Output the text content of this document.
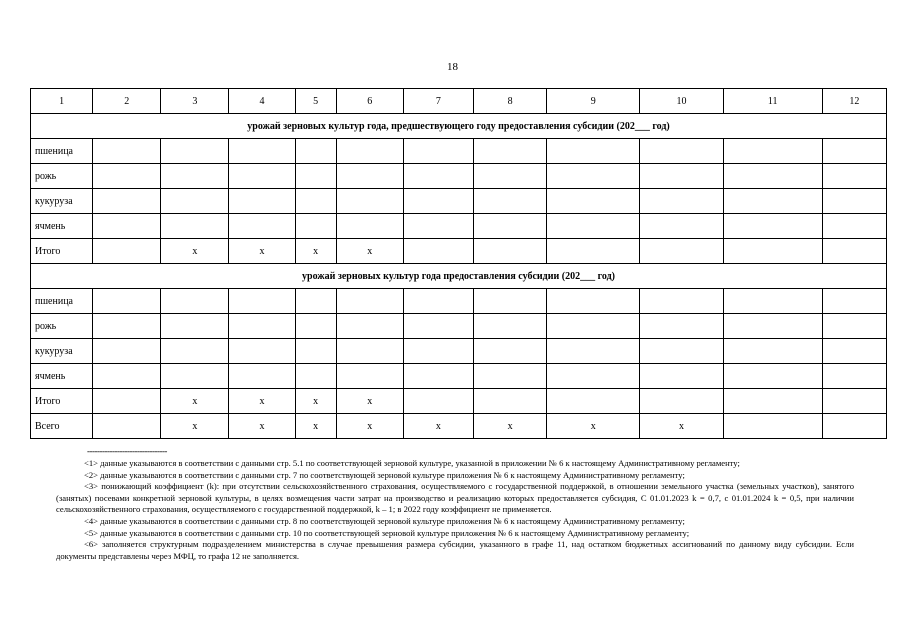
18
1	2	3	4	5	6	7	8	9	10	11	12
урожай зерновых культур года, предшествующего году предоставления субсидии (202___ год)											
пшеница											
рожь											
кукуруза											
ячмень											
Итого		х	х	х	х						
урожай зерновых культур года предоставления субсидии (202___ год)											
пшеница											
рожь											
кукуруза											
ячмень											
Итого		х	х	х	х						
Всего		х	х	х	х	х	х	х	х		
--------------------------------

<1> данные указываются в соответствии с данными стр. 5.1 по соответствующей зерновой культуре, указанной в приложении № 6 к настоящему Административному регламенту;

<2> данные указываются в соответствии с данными стр. 7 по соответствующей зерновой культуре приложения № 6 к настоящему Административному регламенту;

<3> понижающий коэффициент (k): при отсутствии сельскохозяйственного страхования, осуществляемого с государственной поддержкой, в отношении земельного участка (земельных участков), занятого (занятых) посевами конкретной зерновой культуры, в целях возмещения части затрат на производство и реализацию которых предоставляется субсидия, С 01.01.2023 k = 0,7, с 01.01.2024 k = 0,5, при наличии сельскохозяйственного страхования, осуществляемого с государственной поддержкой, k – 1; в 2022 году коэффициент не применяется.

<4> данные указываются в соответствии с данными стр. 8 по соответствующей зерновой культуре приложения № 6 к настоящему Административному регламенту;

<5> данные указываются в соответствии с данными стр. 10 по соответствующей зерновой культуре приложения № 6 к настоящему Административному регламенту;

<6> заполняется структурным подразделением министерства в случае превышения размера субсидии, указанного в графе 11, над остатком бюджетных ассигнований по данному виду субсидии. Если документы представлены через МФЦ, то графа 12 не заполняется.
